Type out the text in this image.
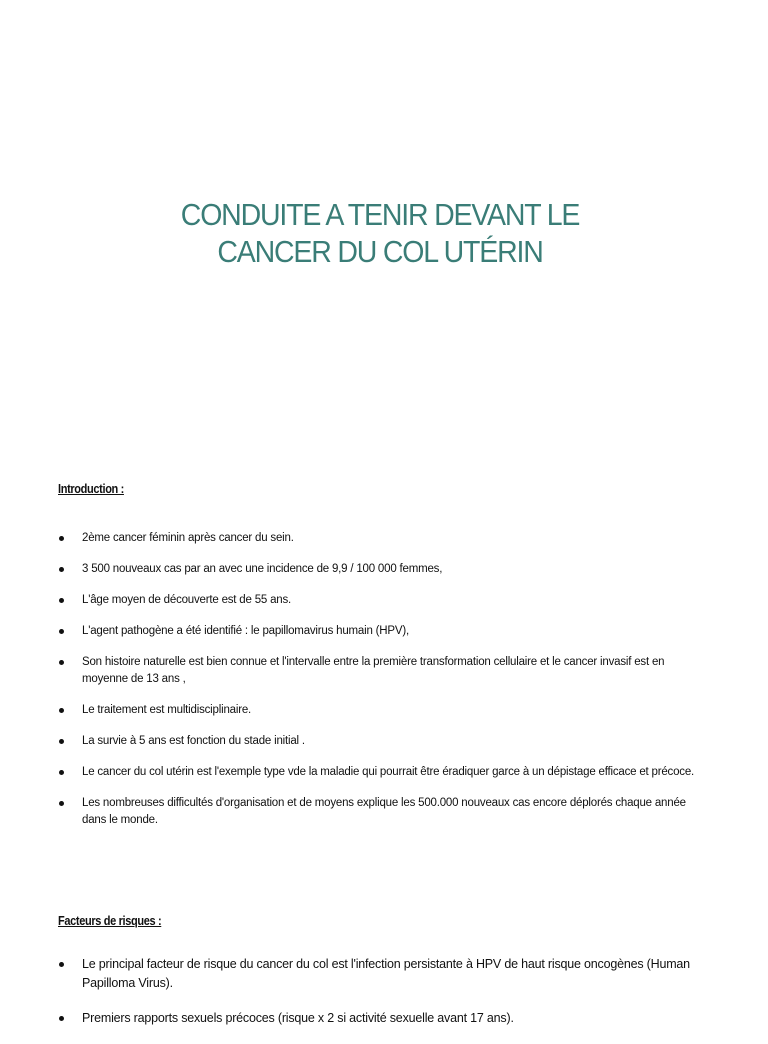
CONDUITE A TENIR DEVANT LE
CANCER DU COL UTÉRIN
Introduction :
2ème cancer féminin après cancer du sein.
3 500 nouveaux cas par an avec une incidence de 9,9 / 100 000 femmes,
L'âge moyen de découverte est de 55 ans.
L'agent pathogène a été identifié : le papillomavirus humain (HPV),
Son histoire naturelle est bien connue et l'intervalle entre la première transformation cellulaire et le cancer invasif est en moyenne de 13 ans ,
Le traitement est multidisciplinaire.
La survie à 5 ans est fonction du stade initial .
Le cancer du col utérin est l'exemple type vde la maladie qui pourrait être éradiquer garce à un dépistage efficace et précoce.
Les nombreuses difficultés d'organisation et de moyens explique les 500.000 nouveaux cas encore déplorés chaque année dans le monde.
Facteurs de risques :
Le principal facteur de risque du cancer du col est l'infection persistante à HPV de haut risque oncogènes (Human Papilloma Virus).
Premiers rapports sexuels précoces (risque x 2 si activité sexuelle avant 17 ans).
